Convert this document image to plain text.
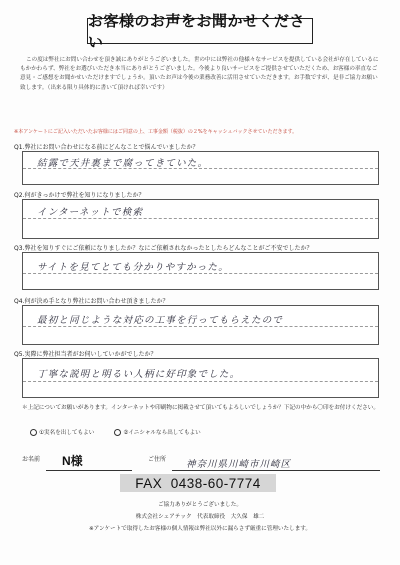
お客様のお声をお聞かせください

この度は弊社にお問い合わせを頂き誠にありがとうございました。世の中には弊社の他様々なサービスを提供している会社が存在しているにもかかわらず、弊社をお選びいただき本当にありがとうございました。今後より良いサービスをご提供させていただくため、お客様の率直なご意見・ご感想をお聞かせいただけますでしょうか。頂いたお声は今後の業務改善に活用させていただきます。お手数ですが、是非ご協力お願い致します。（出来る限り具体的に書いて頂ければ幸いです）

※本アンケートにご記入いただいたお客様にはご同意の上、工事金額（税抜）の２%をキャッシュバックさせていただきます。
Q1.弊社にお問い合わせになる前にどんなことで悩んでいましたか？
結露で天井裏まで腐ってきていた。
Q2.何がきっかけで弊社を知りになりましたか？
インターネットで検索
Q3.弊社を知りすぐにご依頼になりましたか？なにご依頼されなかったとしたらどんなことがご不安でしたか？
サイトを見てとても分かりやすかった。
Q4.何が決め手となり弊社にお問い合わせ頂きましたか？
最初と同じような対応の工事を行ってもらえたので
Q5.実際に弊社担当者がお伺いしていかがでしたか？
丁寧な説明と明るい人柄に好印象でした。
＊上記についてお願いがあります。インターネットや印刷物に掲載させて頂いてもよろしいでしょうか？下記の中から〇印をお付けください。
①実名を出してもよい	②イニシャルなら出してもよい
お名前 N様	ご住所 神奈川県川崎市川崎区
FAX
0438-60-7774
ご協力ありがとうございました。
株式会社シェアテック　代表取締役　大久保　雄二
※アンケートで取得したお客様の個人情報は弊社以外に漏らさず厳重に管理いたします。
